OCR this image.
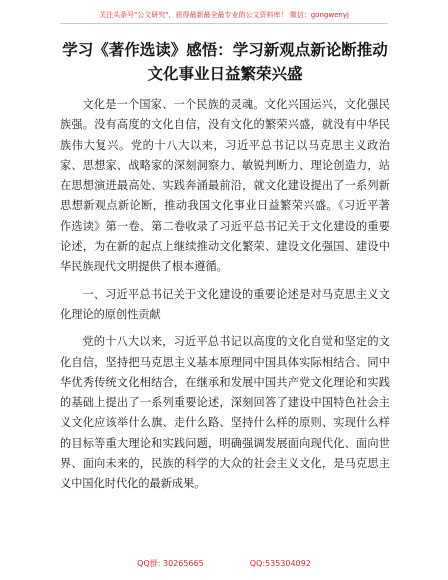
关注头条号"公文研究"，获得最新最全最专业的公文资料库！ 微信：gongwenyj
学习《著作选读》感悟：学习新观点新论断推动文化事业日益繁荣兴盛

文化是一个国家、一个民族的灵魂。文化兴国运兴，文化强民族强。没有高度的文化自信，没有文化的繁荣兴盛，就没有中华民族伟大复兴。党的十八大以来，习近平总书记以马克思主义政治家、思想家、战略家的深刻洞察力、敏锐判断力、理论创造力，站在思想演进最高处、实践奔涌最前沿，就文化建设提出了一系列新思想新观点新论断，推动我国文化事业日益繁荣兴盛。《习近平著作选读》第一卷、第二卷收录了习近平总书记关于文化建设的重要论述，为在新的起点上继续推动文化繁荣、建设文化强国、建设中华民族现代文明提供了根本遵循。

一、习近平总书记关于文化建设的重要论述是对马克思主义文化理论的原创性贡献

党的十八大以来，习近平总书记以高度的文化自觉和坚定的文化自信，坚持把马克思主义基本原理同中国具体实际相结合、同中华优秀传统文化相结合，在继承和发展中国共产党文化理论和实践的基础上提出了一系列重要论述，深刻回答了建设中国特色社会主义文化应该举什么旗、走什么路、坚持什么样的原则、实现什么样的目标等重大理论和实践问题，明确强调发展面向现代化、面向世界、面向未来的，民族的科学的大众的社会主义文化，是马克思主义中国化时代化的最新成果。

QQ群: 30265665	QQ:535304092
